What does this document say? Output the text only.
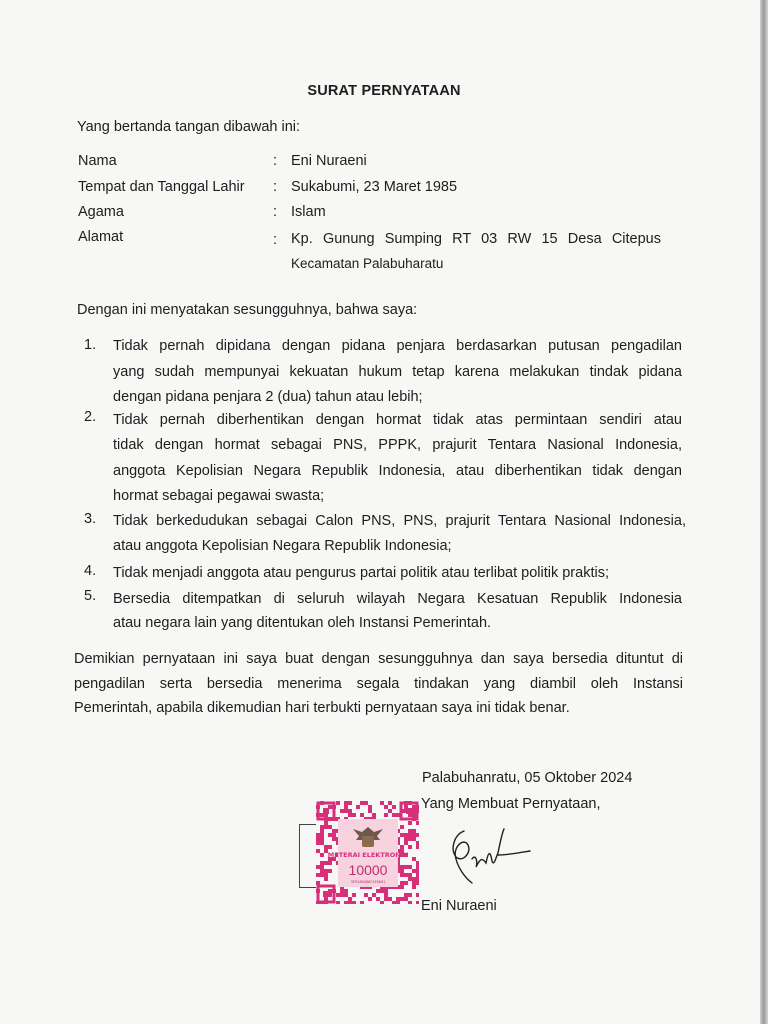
SURAT PERNYATAAN
Yang bertanda tangan dibawah ini:
Nama	: Eni Nuraeni
Tempat dan Tanggal Lahir : Sukabumi, 23 Maret 1985
Agama	: Islam
Alamat	: Kp. Gunung Sumping RT 03 RW 15 Desa Citepus
Kecamatan Palabuharatu
Dengan ini menyatakan sesungguhnya, bahwa saya:
1. Tidak pernah dipidana dengan pidana penjara berdasarkan putusan pengadilan
yang sudah mempunyai kekuatan hukum tetap karena melakukan tindak pidana
dengan pidana penjara 2 (dua) tahun atau lebih;
2. Tidak pernah diberhentikan dengan hormat tidak atas permintaan sendiri atau
tidak dengan hormat sebagai PNS, PPPK, prajurit Tentara Nasional Indonesia,
anggota Kepolisian Negara Republik Indonesia, atau diberhentikan tidak dengan
hormat sebagai pegawai swasta;
3. Tidak berkedudukan sebagai Calon PNS, PNS, prajurit Tentara Nasional Indonesia,
atau anggota Kepolisian Negara Republik Indonesia;
4. Tidak menjadi anggota atau pengurus partai politik atau terlibat politik praktis;
5. Bersedia ditempatkan di seluruh wilayah Negara Kesatuan Republik Indonesia
atau negara lain yang ditentukan oleh Instansi Pemerintah.
Demikian pernyataan ini saya buat dengan sesungguhnya dan saya bersedia dituntut di
pengadilan serta bersedia menerima segala tindakan yang diambil oleh Instansi
Pemerintah, apabila dikemudian hari terbukti pernyataan saya ini tidak benar.
Palabuhanratu, 05 Oktober 2024
Yang Membuat Pernyataan,
METERAI ELEKTRONIK
10000
3FE2AB4D6C1E0001
Eni Nuraeni
